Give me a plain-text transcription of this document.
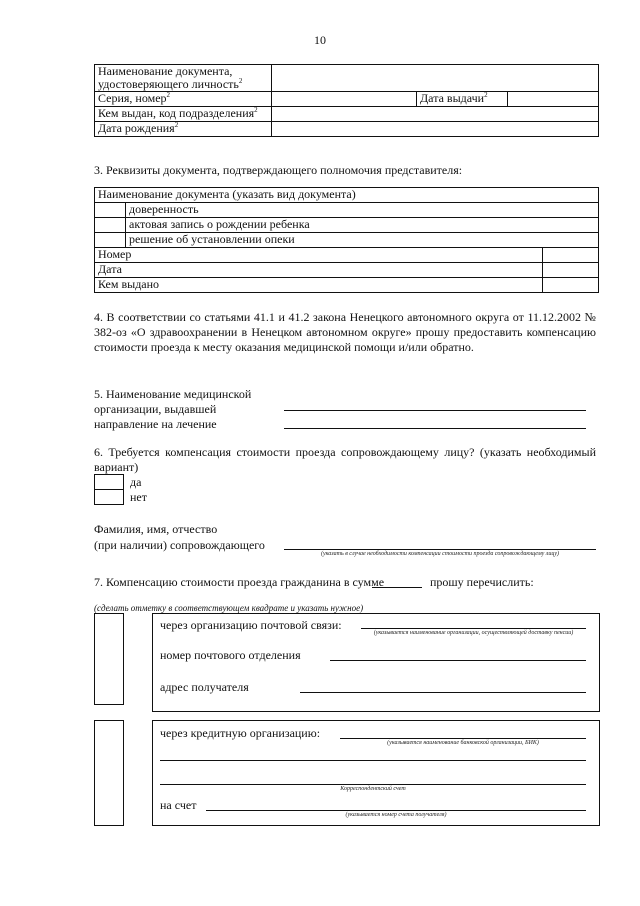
10
Наименование документа,
удостоверяющего личность$^2$	
Серия, номер$^2$		Дата выдачи$^2$	
Кем выдан, код подразделения$^2$	
Дата рождения$^2$	
3. Реквизиты документа, подтверждающего полномочия представителя:
Наименование документа (указать вид документа)		
	доверенность	
	актовая запись о рождении ребенка	
	решение об установлении опеки	
Номер		
Дата		
Кем выдано		
4. В соответствии со статьями 41.1 и 41.2 закона Ненецкого автономного округа от 11.12.2002 № 382-оз «О здравоохранении в Ненецком автономном округе» прошу предоставить компенсацию стоимости проезда к месту оказания медицинской помощи и/или обратно.
5. Наименование медицинской
организации, выдавшей
направление на лечение
6. Требуется компенсация стоимости проезда сопровождающему лицу? (указать необходимый вариант)
да
нет
Фамилия, имя, отчество
(при наличии) сопровождающего
(указать в случае необходимости компенсации стоимости проезда сопровождающему лицу)
7. Компенсацию стоимости проезда гражданина в сумме	прошу перечислить:
(сделать отметку в соответствующем квадрате и указать нужное)
через организацию почтовой связи:
(указывается наименование организации, осуществляющей доставку пенсии)
номер почтового отделения
адрес получателя
через кредитную организацию:
(указывается наименование банковской организации, БИК)
Корреспондентский счет
на счет
(указывается номер счета получателя)
